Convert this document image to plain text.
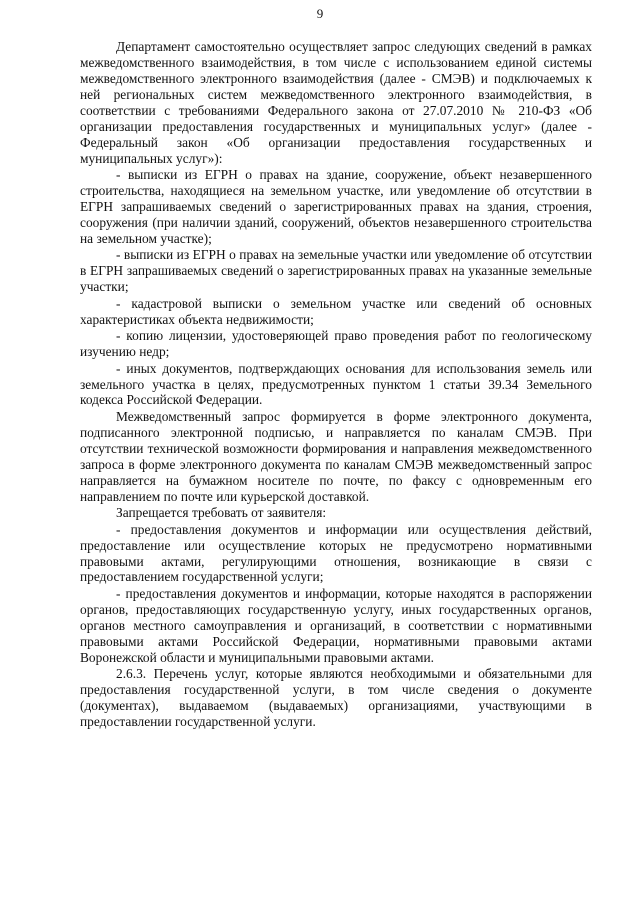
9

Департамент самостоятельно осуществляет запрос следующих сведений в рамках межведомственного взаимодействия, в том числе с использованием единой системы межведомственного электронного взаимодействия (далее - СМЭВ) и подключаемых к ней региональных систем межведомственного электронного взаимодействия, в соответствии с требованиями Федерального закона от 27.07.2010 № 210-ФЗ «Об организации предоставления государственных и муниципальных услуг» (далее - Федеральный закон «Об организации предоставления государственных и муниципальных услуг»):

- выписки из ЕГРН о правах на здание, сооружение, объект незавершенного строительства, находящиеся на земельном участке, или уведомление об отсутствии в ЕГРН запрашиваемых сведений о зарегистрированных правах на здания, строения, сооружения (при наличии зданий, сооружений, объектов незавершенного строительства на земельном участке);

- выписки из ЕГРН о правах на земельные участки или уведомление об отсутствии в ЕГРН запрашиваемых сведений о зарегистрированных правах на указанные земельные участки;

- кадастровой выписки о земельном участке или сведений об основных характеристиках объекта недвижимости;

- копию лицензии, удостоверяющей право проведения работ по геологическому изучению недр;

- иных документов, подтверждающих основания для использования земель или земельного участка в целях, предусмотренных пунктом 1 статьи 39.34 Земельного кодекса Российской Федерации.

Межведомственный запрос формируется в форме электронного документа, подписанного электронной подписью, и направляется по каналам СМЭВ. При отсутствии технической возможности формирования и направления межведомственного запроса в форме электронного документа по каналам СМЭВ межведомственный запрос направляется на бумажном носителе по почте, по факсу с одновременным его направлением по почте или курьерской доставкой.

Запрещается требовать от заявителя:

- предоставления документов и информации или осуществления действий, предоставление или осуществление которых не предусмотрено нормативными правовыми актами, регулирующими отношения, возникающие в связи с предоставлением государственной услуги;

- предоставления документов и информации, которые находятся в распоряжении органов, предоставляющих государственную услугу, иных государственных органов, органов местного самоуправления и организаций, в соответствии с нормативными правовыми актами Российской Федерации, нормативными правовыми актами Воронежской области и муниципальными правовыми актами.

2.6.3. Перечень услуг, которые являются необходимыми и обязательными для предоставления государственной услуги, в том числе сведения о документе (документах), выдаваемом (выдаваемых) организациями, участвующими в предоставлении государственной услуги.
